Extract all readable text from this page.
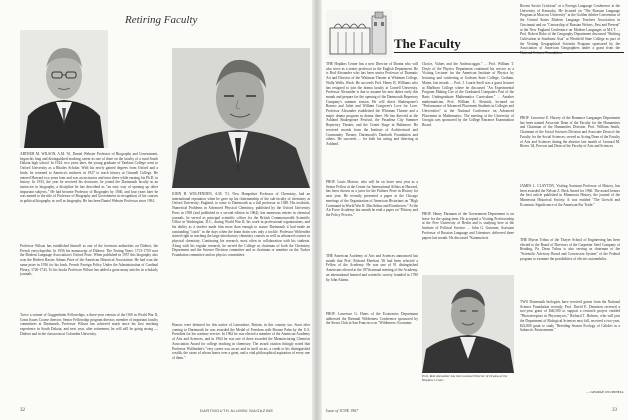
Retiring Faculty

ARTHUR M. WILSON, A.M. '61, Daniel Webster Professor of Biography and Government, began his long and distinguished teaching career as one of three on the faculty of a rural South Dakota high school. In 1924, two years later, the young graduate of Yankton College went to Oxford University as a Rhodes Scholar. With his newly gained degrees from Oxford and a bride, he returned to America's midwest in 1927 to teach history at Grinnell College. He entered Harvard two years later and was an instructor and tutor there while earning his Ph.D. in history. In 1933, the year he received his doctorate, he joined the Dartmouth faculty as an instructor in biography, a discipline he has described as "an easy way of opening up other important subjects." He had become Professor of Biography by 1940, and four years later he was named to the title of Professor of Biography and Government in recognition of his courses in political biography as well as biography. He has been Daniel Webster Professor since 1961.

Professor Wilson has established himself as one of the foremost authorities on Diderot, the French encyclopedist. In 1956 his manuscript of Diderot: The Testing Years, 1713-1759 won the Modern Language Association's Oxford Prize. When published in 1957 this biography also won the Herbert Baxter Adams Prize of the American Historical Association. He had won the same prize in 1936 for his book, French Foreign Policy Under the Administration of Cardinal Fleury, 1726-1743. To his books Professor Wilson has added a great many articles in scholarly journals.

Twice a winner of Guggenheim Fellowships, a three-year veteran of the OSS in World War II, Great Issues Course director, Senior Fellowship program director, member of important faculty committees at Dartmouth, Professor Wilson has achieved much since his first teaching experience in South Dakota, and next year, after retirement, he will still be going strong — Diderot and in the classroom at Columbia University.

JOHN H. WOLFENDEN, A.M. '51, New Hampshire Professor of Chemistry, had an international reputation when he gave up his chairmanship of the sub-faculty of chemistry at Oxford University, England, to come to Dartmouth as a full professor in 1948. His textbook, Numerical Problems in Advanced Physical Chemistry, published by the Oxford University Press in 1938 (and published in a second edition in 1964), has numerous entries in chemical journals, he served as principal scientific officer for the British Commonwealth Scientific Office in Washington, D.C., during World War II; his work in professional organizations, and his ability as a teacher made him more than enough to assure Dartmouth it had made an outstanding "catch" in the days when the brain drain was only a trickle. Professor Wolfenden started right in teaching the large introductory chemistry courses as well as advanced courses in physical chemistry. Continuing his research, most often in collaboration with his students. Along with his regular research, he served the College as chairman of both the Chemistry Department and the Science Division committee and as chairman or member on the Tucker Foundation committee and on physics committees.

Honors were destined for this native of Lancashire, Britain, in this country too. Soon after coming to Dartmouth he was awarded the Medal of Freedom with Bronze Palm by the U.S. President for his wartime service. In 1962 he was elected a member of the American Academy of Arts and Sciences, and in 1964 he was one of three awarded the Manufacturing Chemists Association Award for college teaching in chemistry. The award citation fittingly noted that Professor Wolfenden's "very career was an art and in itself an art, a credit to his distinguished wealth, the cause of whom honor over a great, and a vital philosophical aspiration of every one of them."

32	DARTMOUTH ALUMNI MAGAZINE
The Faculty

THE Hopkins Center has a new Director of Drama who will also serve as a senior professor in the English Department. He is Rod Alexander who has been senior Professor of Dramatic Art and Director of the Whitman Theater at Whitman College, Walla Walla, Wash. He succeeds Prof. Henry B. Williams who has resigned to join the drama faculty at Cornell University. Professor Alexander is due to assume his new duties early this month and prepare for the opening of the Dartmouth Repertory Company's summer season. He will direct Shakespeare's Romeo and Juliet and William Congreve's Love for Love. Professor Alexander established the Whitman Theater and a major drama program in drama there. He has directed at the Ashland Shakespeare Festival, the Pasadena City Summer Repertory Theater, and the Center Stage in Baltimore. He received awards from the Institute of Architectural and Community Theater, Dartmouth's Danforth Foundation and others. He succeeds ... for both his acting and directing at Ashland.

PROF. Louis Morton, who will be on leave next year as a Senior Fellow at the Center for International Affairs at Harvard, has been chosen as a juror for the Pulitzer Prize in History for next year. He recently presented a paper at the Chicago meetings of the Organization of American Historians on "High Command in World War II: MacArthur and Eisenhower." At the Air Force Academy last month he read a paper on "History and the Policy Process."

THE American Academy of Arts and Sciences announced last month that Prof. Richard Eberhart '26 had been selected a Fellow of the Academy. He was one of 91 distinguished Americans elected at the 187th annual meeting of the Academy, an international learned and scientific society founded in 1780 by John Adams.

PROF. Lawrence G. Hines of the Economics Department addressed the Biennial Wilderness Conference sponsored by the Sierra Club in San Francisco on "Wilderness: Economic

Choice, Values and the Androscoggin." ... Prof. William T. Doyle of the Physics Department continued his service as a Visiting Lecturer for the American Institute of Physics by lecturing and conferring at Gorham State College, Gorham, Maine, last month. ... Prof. J. Laurie Snell was a guest lecturer at Marlboro College where he discussed "An Experimental Program Making Use of the Graduated Computers Part of the Basic Undergraduate Mathematics Curriculum." ... Another mathematician, Prof. William E. Slesnick, lectured on "Performance of Advanced Placement Students in Colleges and Universities" at the National Conference on Advanced Placement in Mathematics. The meeting at the University of Georgia was sponsored by the College Entrance Examination Board.

PROF. Henry Ehrmann of the Government Department is on leave for the spring term. He accepted a Visiting Professorship at the Free University of Berlin and is studying here at the Institute of Political Science. ... John G. Gurraner, Assistant Professor of Russian Language and Literature, delivered three papers last month. He discussed "Karamzin in

Prof. Rod Alexander has been named Director of Drama at the Hopkins Center.

Recent Soviet Criticism" at a Foreign Language Conference at the University of Kentucky. He lectured on "The Russian Language Program at Moscow University" at the Golden Jubilee Convention of the Central States Modern Language Teachers Association in Cincinnati and on "Censorship of Russian Writers, Past and Present" at the New England Conference on Modern Languages at M.I.T. ... Prof. Robert Hoke of the Geography Department discussed "Shifting Cultivation in Southeast Asia" at Westfield State College as part of the Visiting Geographical Scientist Program sponsored by the Association of American Geographers under a grant from the National Science Foundation.

PROF. Lawrence E. Harvey of the Romance Languages Department has been named Associate Dean of the Faculty for the Humanities and Chairman of the Humanities Division. Prof. William Smith, Chairman of the Social Sciences Division and Associate Dean of the Faculty for the Social Sciences, served as Acting Dean of the Faculty of Arts and Sciences during the absence last month of Leonard M. Rieser '44, Provost and Dean of the Faculty of Arts and Sciences.

JAMES L. CLAYTON, Visiting Assistant Professor of History, has been awarded the Nelson Z. Beck Award for 1966. The award honors the best article published in Minnesota History, the journal of the Minnesota Historical Society. It was entitled "The Growth and Economic Significance of the American Fur Trade."

THE Myron Tribus of the Thayer School of Engineering has been elected to the Board of Directors of the Carpenter Steel Company of Reading, Pa. Dean Tribus is also serving as chairman of the "Scientific Advisory Board and Conversion System" of the Federal program to examine the possibilities of electric automobiles.

TWO Dartmouth biologists have received grants from the National Science Foundation recently. Prof. David E. Dennison received a two-year grant of $46,500 to support a research project entitled "Photoreceptors in Phycomyces." Richard T. Holmes, who will join the Department of Biological Sciences next fall, received a two-year, $22,800 grant to study "Breeding Season Ecology of Calidris in a Subarctic Environment."

— GEORGE O'CONNELL
Issue of JUNE 1967	33
